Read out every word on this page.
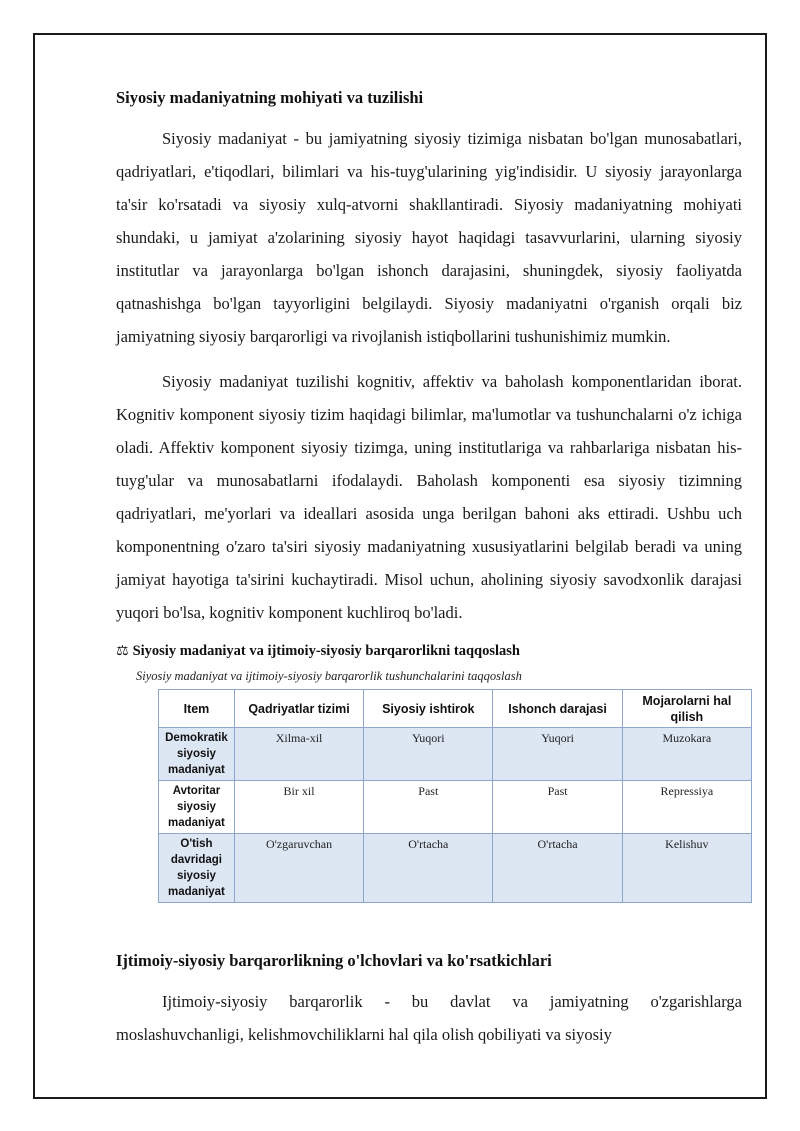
Siyosiy madaniyatning mohiyati va tuzilishi

Siyosiy madaniyat - bu jamiyatning siyosiy tizimiga nisbatan bo'lgan munosabatlari, qadriyatlari, e'tiqodlari, bilimlari va his-tuyg'ularining yig'indisidir. U siyosiy jarayonlarga ta'sir ko'rsatadi va siyosiy xulq-atvorni shakllantiradi. Siyosiy madaniyatning mohiyati shundaki, u jamiyat a'zolarining siyosiy hayot haqidagi tasavvurlarini, ularning siyosiy institutlar va jarayonlarga bo'lgan ishonch darajasini, shuningdek, siyosiy faoliyatda qatnashishga bo'lgan tayyorligini belgilaydi. Siyosiy madaniyatni o'rganish orqali biz jamiyatning siyosiy barqarorligi va rivojlanish istiqbollarini tushunishimiz mumkin.

Siyosiy madaniyat tuzilishi kognitiv, affektiv va baholash komponentlaridan iborat. Kognitiv komponent siyosiy tizim haqidagi bilimlar, ma'lumotlar va tushunchalarni o'z ichiga oladi. Affektiv komponent siyosiy tizimga, uning institutlariga va rahbarlariga nisbatan his-tuyg'ular va munosabatlarni ifodalaydi. Baholash komponenti esa siyosiy tizimning qadriyatlari, me'yorlari va ideallari asosida unga berilgan bahoni aks ettiradi. Ushbu uch komponentning o'zaro ta'siri siyosiy madaniyatning xususiyatlarini belgilab beradi va uning jamiyat hayotiga ta'sirini kuchaytiradi. Misol uchun, aholining siyosiy savodxonlik darajasi yuqori bo'lsa, kognitiv komponent kuchliroq bo'ladi.

⚖ Siyosiy madaniyat va ijtimoiy-siyosiy barqarorlikni taqqoslash
Siyosiy madaniyat va ijtimoiy-siyosiy barqarorlik tushunchalarini taqqoslash
Item	Qadriyatlar tizimi	Siyosiy ishtirok	Ishonch darajasi	Mojarolarni hal qilish
Demokratik siyosiy madaniyat	Xilma-xil	Yuqori	Yuqori	Muzokara
Avtoritar siyosiy madaniyat	Bir xil	Past	Past	Repressiya
O'tish davridagi siyosiy madaniyat	O'zgaruvchan	O'rtacha	O'rtacha	Kelishuv
Ijtimoiy-siyosiy barqarorlikning o'lchovlari va ko'rsatkichlari

Ijtimoiy-siyosiy barqarorlik - bu davlat va jamiyatning o'zgarishlarga moslashuvchanligi, kelishmovchiliklarni hal qila olish qobiliyati va siyosiy
